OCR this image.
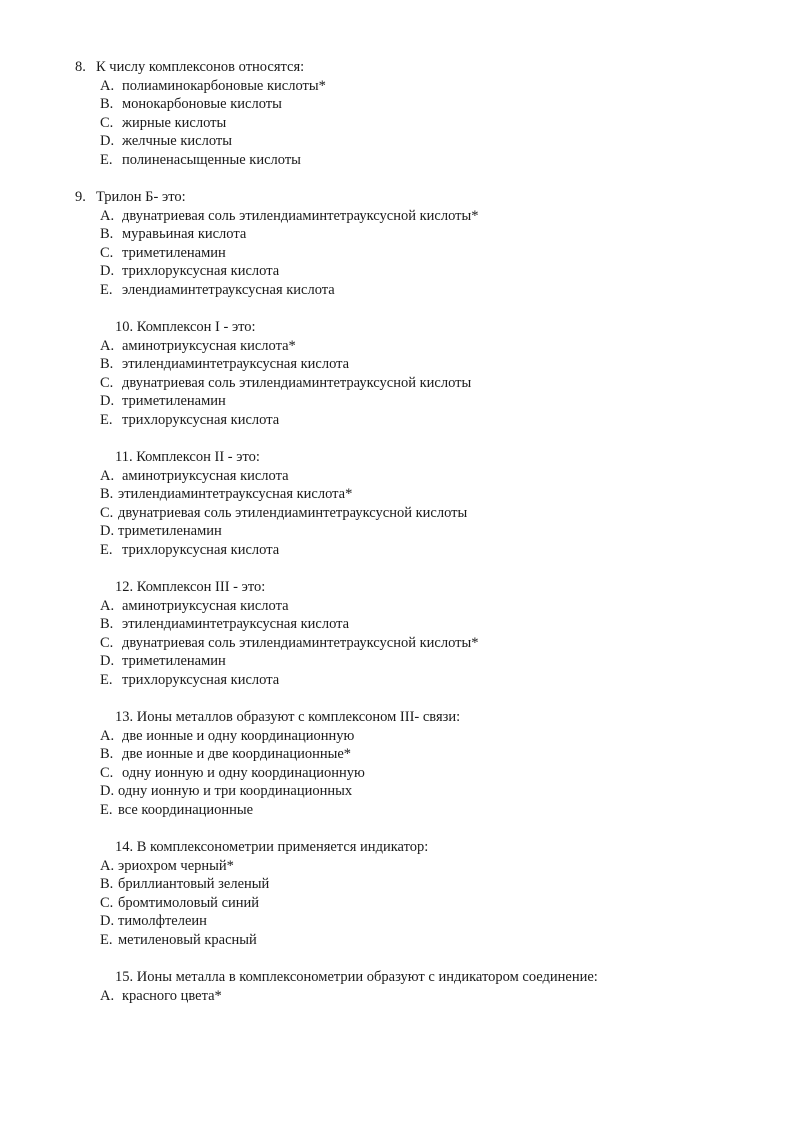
8. К числу комплексонов относятся:
A. полиаминокарбоновые кислоты*
B. монокарбоновые кислоты
C. жирные кислоты
D. желчные кислоты
E. полиненасыщенные кислоты
9. Трилон Б- это:
A. двунатриевая соль этилендиаминтетрауксусной кислоты*
B. муравьиная кислота
C. триметиленамин
D. трихлоруксусная кислота
E. элендиаминтетрауксусная кислота
10. Комплексон I - это:
A. аминотриуксусная кислота*
B. этилендиаминтетрауксусная кислота
C. двунатриевая соль этилендиаминтетрауксусной кислоты
D. триметиленамин
E. трихлоруксусная кислота
11. Комплексон II - это:
A. аминотриуксусная кислота
B. этилендиаминтетрауксусная кислота*
C. двунатриевая соль этилендиаминтетрауксусной кислоты
D. триметиленамин
E. трихлоруксусная кислота
12. Комплексон III - это:
A. аминотриуксусная кислота
B. этилендиаминтетрауксусная кислота
C. двунатриевая соль этилендиаминтетрауксусной кислоты*
D. триметиленамин
E. трихлоруксусная кислота
13. Ионы металлов образуют с комплексоном III- связи:
A. две ионные и одну координационную
B. две ионные и две координационные*
C. одну ионную и одну координационную
D. одну ионную и три координационных
E. все координационные
14. В комплексонометрии применяется индикатор:
A. эриохром черный*
B. бриллиантовый зеленый
C. бромтимоловый синий
D. тимолфтелеин
E. метиленовый красный
15. Ионы металла в комплексонометрии образуют с индикатором соединение:
A. красного цвета*
